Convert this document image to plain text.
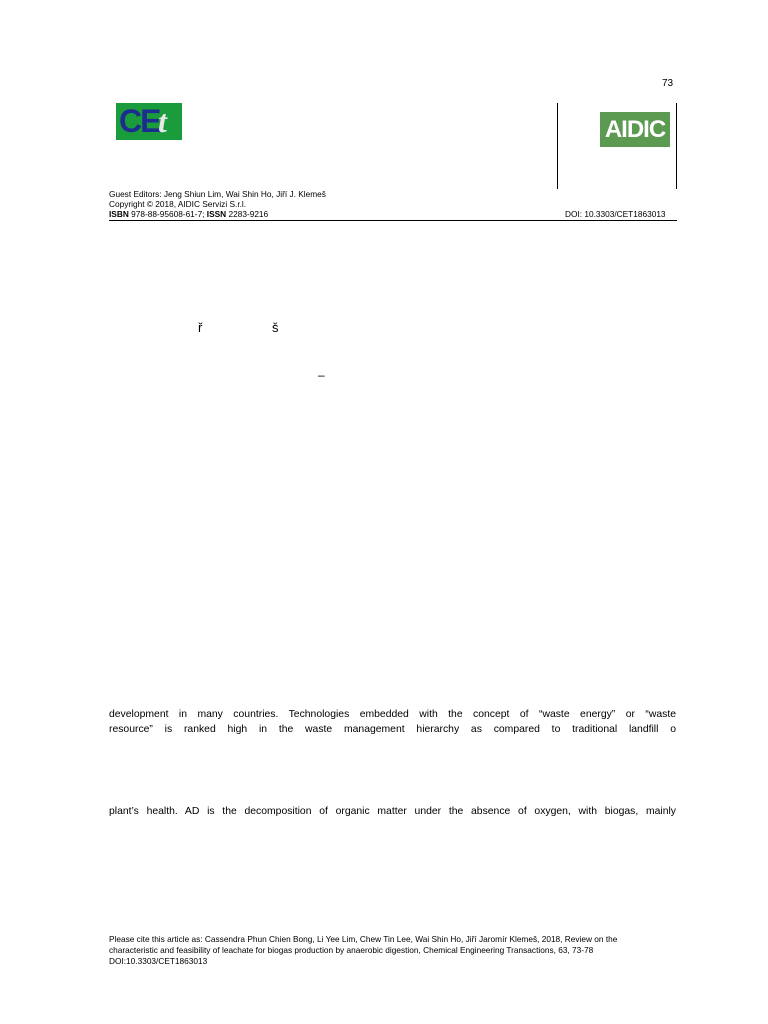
73
CE
t	AIDIC
Guest Editors: Jeng Shiun Lim, Wai Shin Ho, Jiří J. Klemeš
Copyright © 2018, AIDIC Servizi S.r.l.
ISBN 978-88-95608-61-7; ISSN 2283-9216	DOI: 10.3303/CET1863013
ř	š
–
development in many countries. Technologies embedded with the concept of “waste energy” or “waste
resource” is ranked high in the waste management hierarchy as compared to traditional landfill o
plant’s health. AD is the decomposition of organic matter under the absence of oxygen, with biogas, mainly
Please cite this article as: Cassendra Phun Chien Bong, Li Yee Lim, Chew Tin Lee, Wai Shin Ho, Jiří Jaromír Klemeš, 2018, Review on the
characteristic and feasibility of leachate for biogas production by anaerobic digestion, Chemical Engineering Transactions, 63, 73-78
DOI:10.3303/CET1863013
